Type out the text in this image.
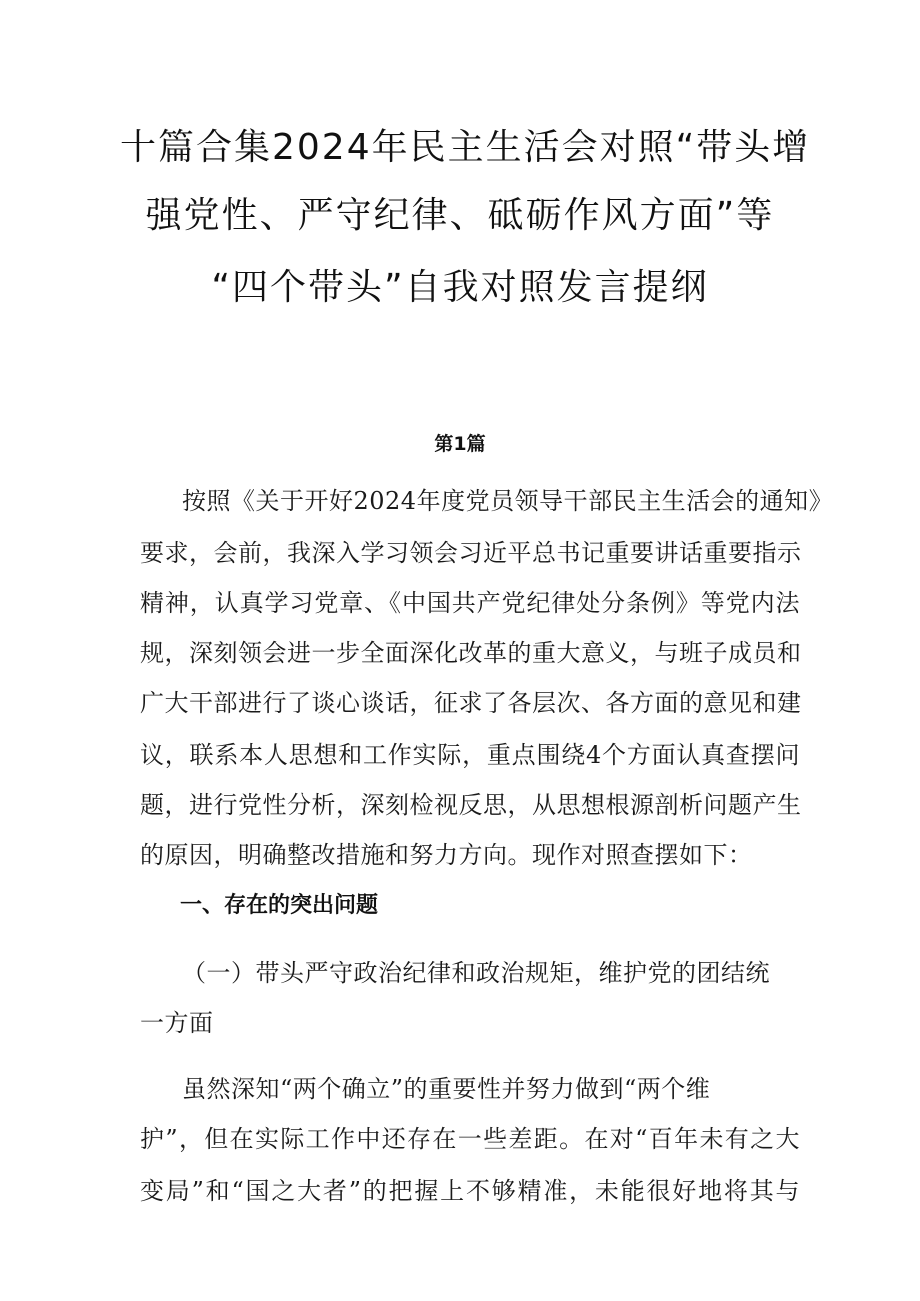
十篇合集2024年民主生活会对照“带头增
强党性、严守纪律、砥砺作风方面”等
“四个带头”自我对照发言提纲
第1篇
按照《关于开好2024年度党员领导干部民主生活会的通知》
要求，会前，我深入学习领会习近平总书记重要讲话重要指示
精神，认真学习党章、《中国共产党纪律处分条例》等党内法
规，深刻领会进一步全面深化改革的重大意义，与班子成员和
广大干部进行了谈心谈话，征求了各层次、各方面的意见和建
议，联系本人思想和工作实际，重点围绕4个方面认真查摆问
题，进行党性分析，深刻检视反思，从思想根源剖析问题产生
的原因，明确整改措施和努力方向。现作对照查摆如下：
一、存在的突出问题
（一）带头严守政治纪律和政治规矩，维护党的团结统
一方面
虽然深知“两个确立”的重要性并努力做到“两个维
护”，但在实际工作中还存在一些差距。在对“百年未有之大
变局”和“国之大者”的把握上不够精准，未能很好地将其与
